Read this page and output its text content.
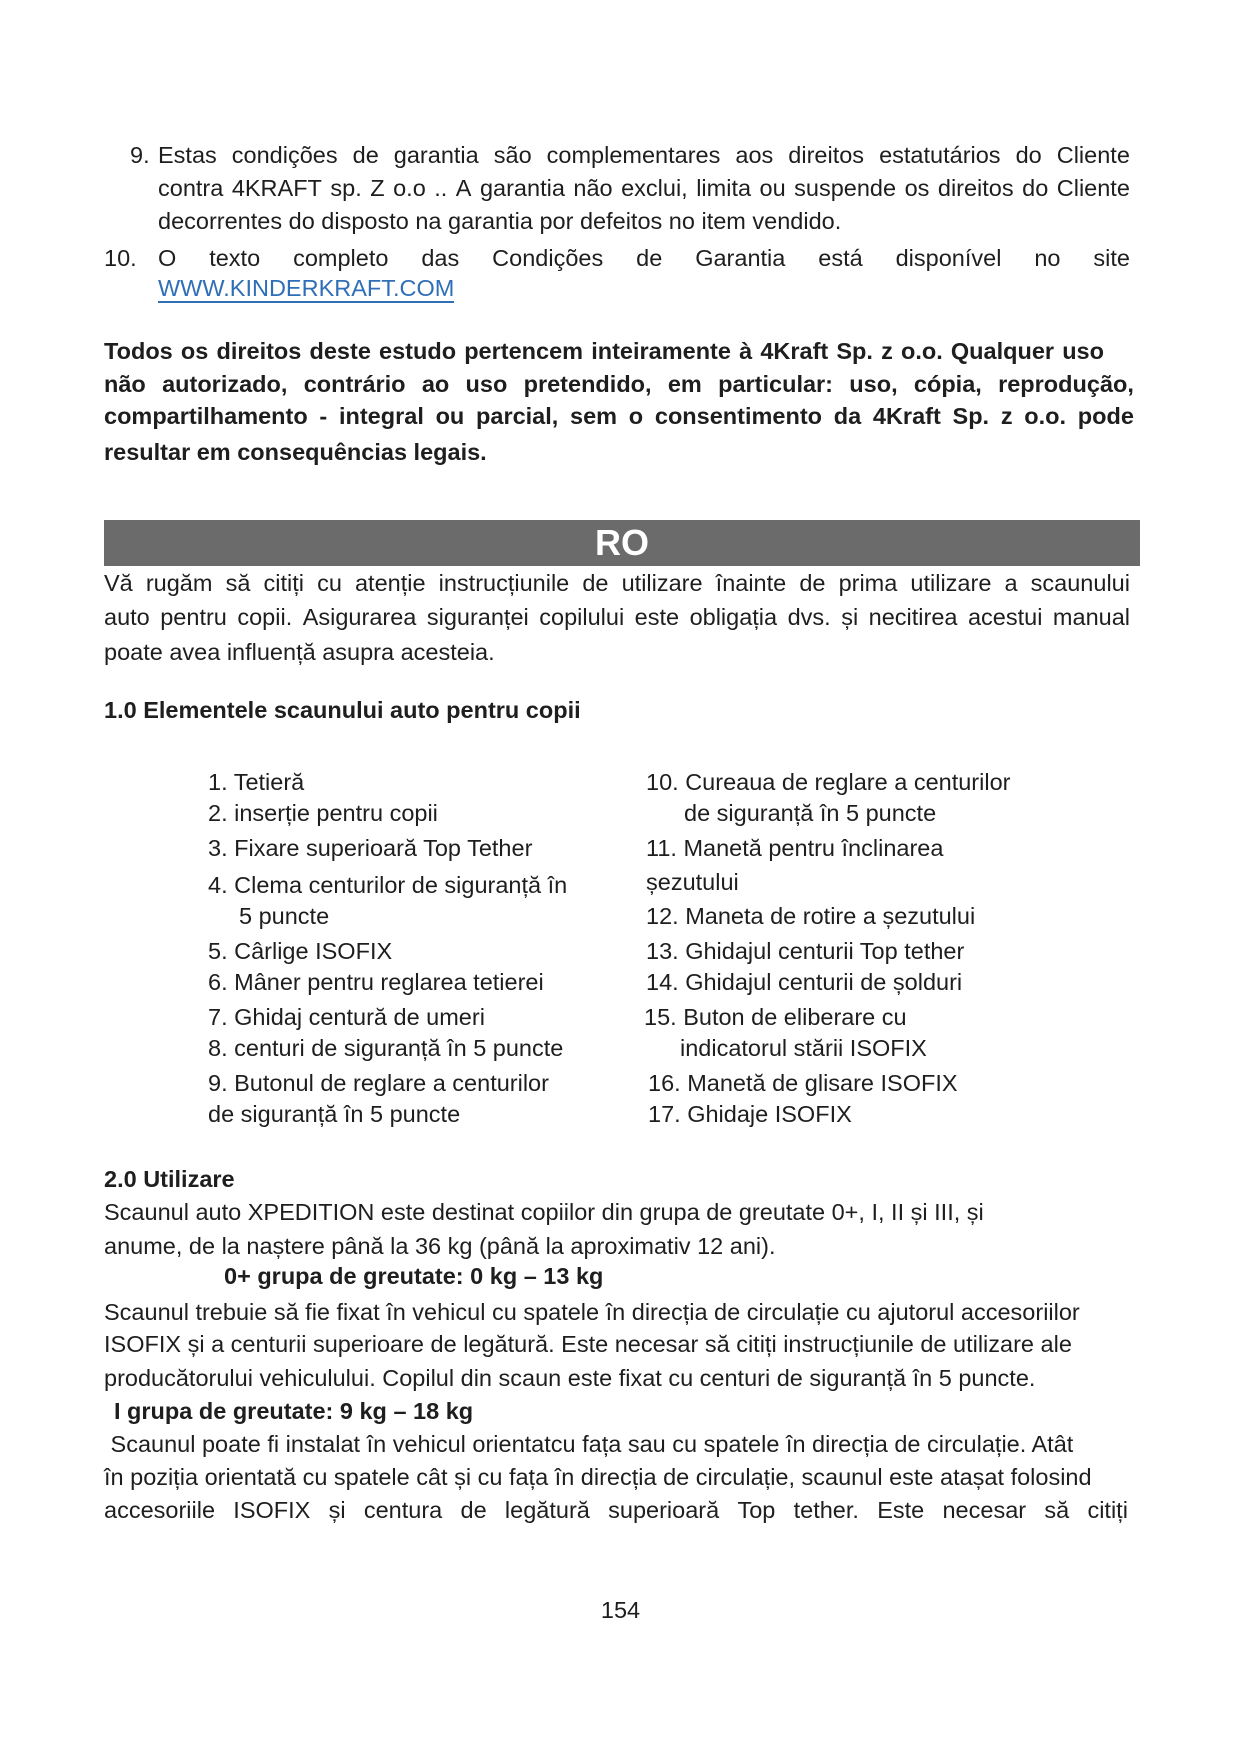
9. Estas condições de garantia são complementares aos direitos estatutários do Cliente
contra 4KRAFT sp. Z o.o .. A garantia não exclui, limita ou suspende os direitos do Cliente
decorrentes do disposto na garantia por defeitos no item vendido.
10. O texto completo das Condições de Garantia está disponível no site
WWW.KINDERKRAFT.COM
Todos os direitos deste estudo pertencem inteiramente à 4Kraft Sp. z o.o. Qualquer uso
não autorizado, contrário ao uso pretendido, em particular: uso, cópia, reprodução,
compartilhamento - integral ou parcial, sem o consentimento da 4Kraft Sp. z o.o. pode
resultar em consequências legais.
RO
Vă rugăm să citiți cu atenție instrucțiunile de utilizare înainte de prima utilizare a scaunului
auto pentru copii. Asigurarea siguranței copilului este obligația dvs. și necitirea acestui manual
poate avea influență asupra acesteia.
1.0 Elementele scaunului auto pentru copii
1. Tetieră
2. inserție pentru copii
3. Fixare superioară Top Tether
4. Clema centurilor de siguranță în
5 puncte
5. Cârlige ISOFIX
6. Mâner pentru reglarea tetierei
7. Ghidaj centură de umeri
8. centuri de siguranță în 5 puncte
9. Butonul de reglare a centurilor
de siguranță în 5 puncte
10. Cureaua de reglare a centurilor
de siguranță în 5 puncte
11. Manetă pentru înclinarea
șezutului
12. Maneta de rotire a șezutului
13. Ghidajul centurii Top tether
14. Ghidajul centurii de șolduri
15. Buton de eliberare cu
indicatorul stării ISOFIX
16. Manetă de glisare ISOFIX
17. Ghidaje ISOFIX
2.0 Utilizare
Scaunul auto XPEDITION este destinat copiilor din grupa de greutate 0+, I, II și III, și
anume, de la naștere până la 36 kg (până la aproximativ 12 ani).
0+ grupa de greutate: 0 kg – 13 kg
Scaunul trebuie să fie fixat în vehicul cu spatele în direcția de circulație cu ajutorul accesoriilor
ISOFIX și a centurii superioare de legătură. Este necesar să citiți instrucțiunile de utilizare ale
producătorului vehiculului. Copilul din scaun este fixat cu centuri de siguranță în 5 puncte.
I grupa de greutate: 9 kg – 18 kg
Scaunul poate fi instalat în vehicul orientatcu fața sau cu spatele în direcția de circulație. Atât
în poziția orientată cu spatele cât și cu fața în direcția de circulație, scaunul este atașat folosind
accesoriile ISOFIX și centura de legătură superioară Top tether. Este necesar să citiți
154
